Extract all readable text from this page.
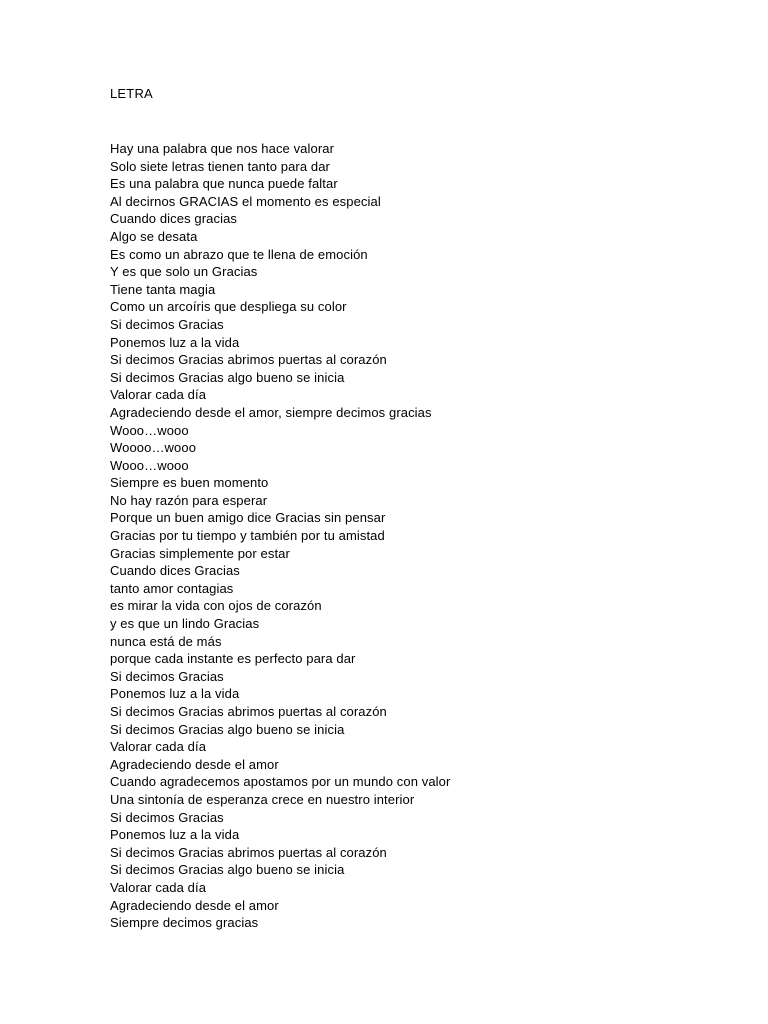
LETRA
Hay una palabra que nos hace valorar
Solo siete letras tienen tanto para dar
Es una palabra que nunca puede faltar
Al decirnos GRACIAS el momento es especial
Cuando dices gracias
Algo se desata
Es como un abrazo que te llena de emoción
Y es que solo un Gracias
Tiene tanta magia
Como un arcoíris que despliega su color
Si decimos Gracias
Ponemos luz a la vida
Si decimos Gracias abrimos puertas al corazón
Si decimos Gracias algo bueno se inicia
Valorar cada día
Agradeciendo desde el amor, siempre decimos gracias
Wooo…wooo
Woooo…wooo
Wooo…wooo
Siempre es buen momento
No hay razón para esperar
Porque un buen amigo dice Gracias sin pensar
Gracias por tu tiempo y también por tu amistad
Gracias simplemente por estar
Cuando dices Gracias
tanto amor contagias
es mirar la vida con ojos de corazón
y es que un lindo Gracias
nunca está de más
porque cada instante es perfecto para dar
Si decimos Gracias
Ponemos luz a la vida
Si decimos Gracias abrimos puertas al corazón
Si decimos Gracias algo bueno se inicia
Valorar cada día
Agradeciendo desde el amor
Cuando agradecemos apostamos por un mundo con valor
Una sintonía de esperanza crece en nuestro interior
Si decimos Gracias
Ponemos luz a la vida
Si decimos Gracias abrimos puertas al corazón
Si decimos Gracias algo bueno se inicia
Valorar cada día
Agradeciendo desde el amor
Siempre decimos gracias
